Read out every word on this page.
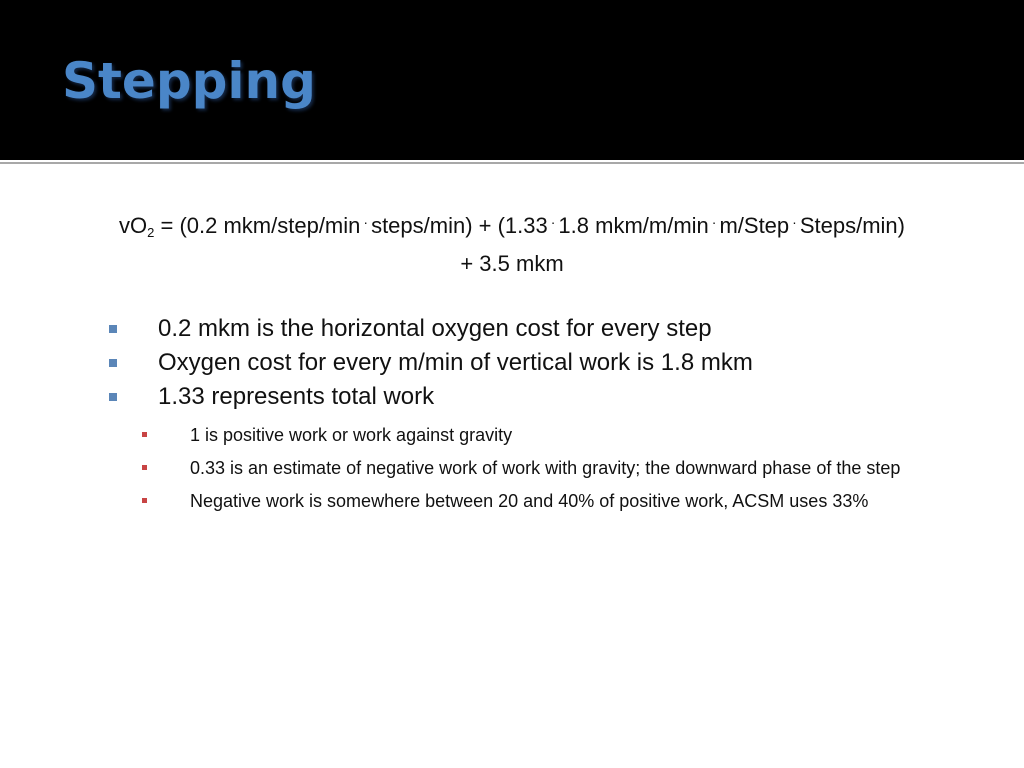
Stepping
$vO_2 = (0.2$ mkm/step/min · steps/min) + (1.33 · 1.8 mkm/m/min · m/Step · Steps/min)
+ 3.5 mkm
0.2 mkm is the horizontal oxygen cost for every step
Oxygen cost for every m/min of vertical work is 1.8 mkm
1.33 represents total work
1 is positive work or work against gravity
0.33 is an estimate of negative work of work with gravity; the downward phase of the step
Negative work is somewhere between 20 and 40% of positive work, ACSM uses 33%
